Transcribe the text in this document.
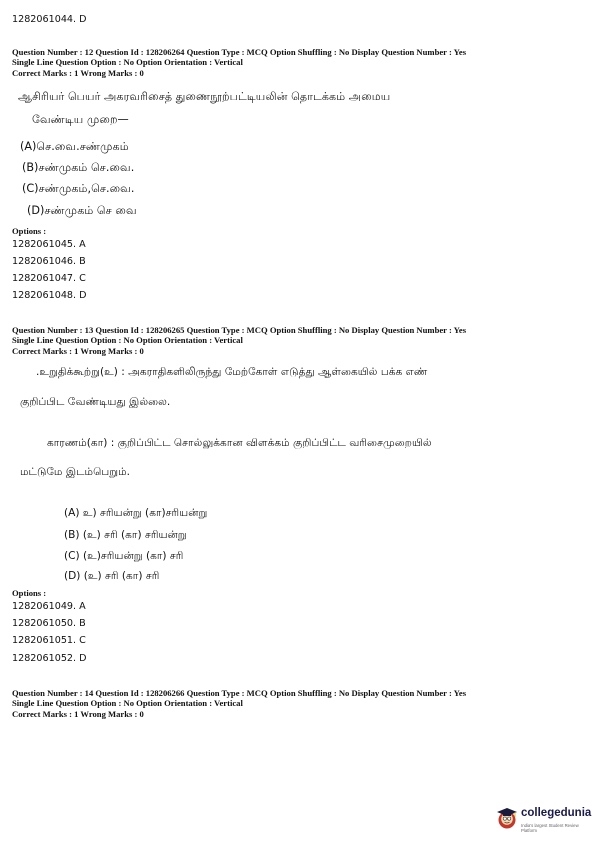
1282061044. D
Question Number : 12 Question Id : 128206264 Question Type : MCQ Option Shuffling : No Display Question Number : Yes
Single Line Question Option : No Option Orientation : Vertical
Correct Marks : 1 Wrong Marks : 0
ஆசிரியர் பெயர் அகரவரிசைத் துணைநூற்பட்டியலின் தொடக்கம் அமைய
வேண்டிய முறை—
(A)செ.வை.சண்முகம்
(B)சண்முகம் செ.வை.
(C)சண்முகம்,செ.வை.
(D)சண்முகம் செ வை
Options :
1282061045. A
1282061046. B
1282061047. C
1282061048. D
Question Number : 13 Question Id : 128206265 Question Type : MCQ Option Shuffling : No Display Question Number : Yes
Single Line Question Option : No Option Orientation : Vertical
Correct Marks : 1 Wrong Marks : 0
.உறுதிக்கூற்று(உ) : அகராதிகளிலிருந்து மேற்கோள் எடுத்து ஆள்கையில் பக்க எண்
குறிப்பிட வேண்டியது இல்லை.
காரணம்(கா) : குறிப்பிட்ட சொல்லுக்கான விளக்கம் குறிப்பிட்ட வரிசைமுறையில்
மட்டுமே இடம்பெறும்.
(A) உ) சரியன்று (கா)சரியன்று
(B) (உ) சரி (கா) சரியன்று
(C) (உ)சரியன்று (கா) சரி
(D) (உ) சரி (கா) சரி
Options :
1282061049. A
1282061050. B
1282061051. C
1282061052. D
Question Number : 14 Question Id : 128206266 Question Type : MCQ Option Shuffling : No Display Question Number : Yes
Single Line Question Option : No Option Orientation : Vertical
Correct Marks : 1 Wrong Marks : 0
collegedunia
India's largest Student Review Platform
